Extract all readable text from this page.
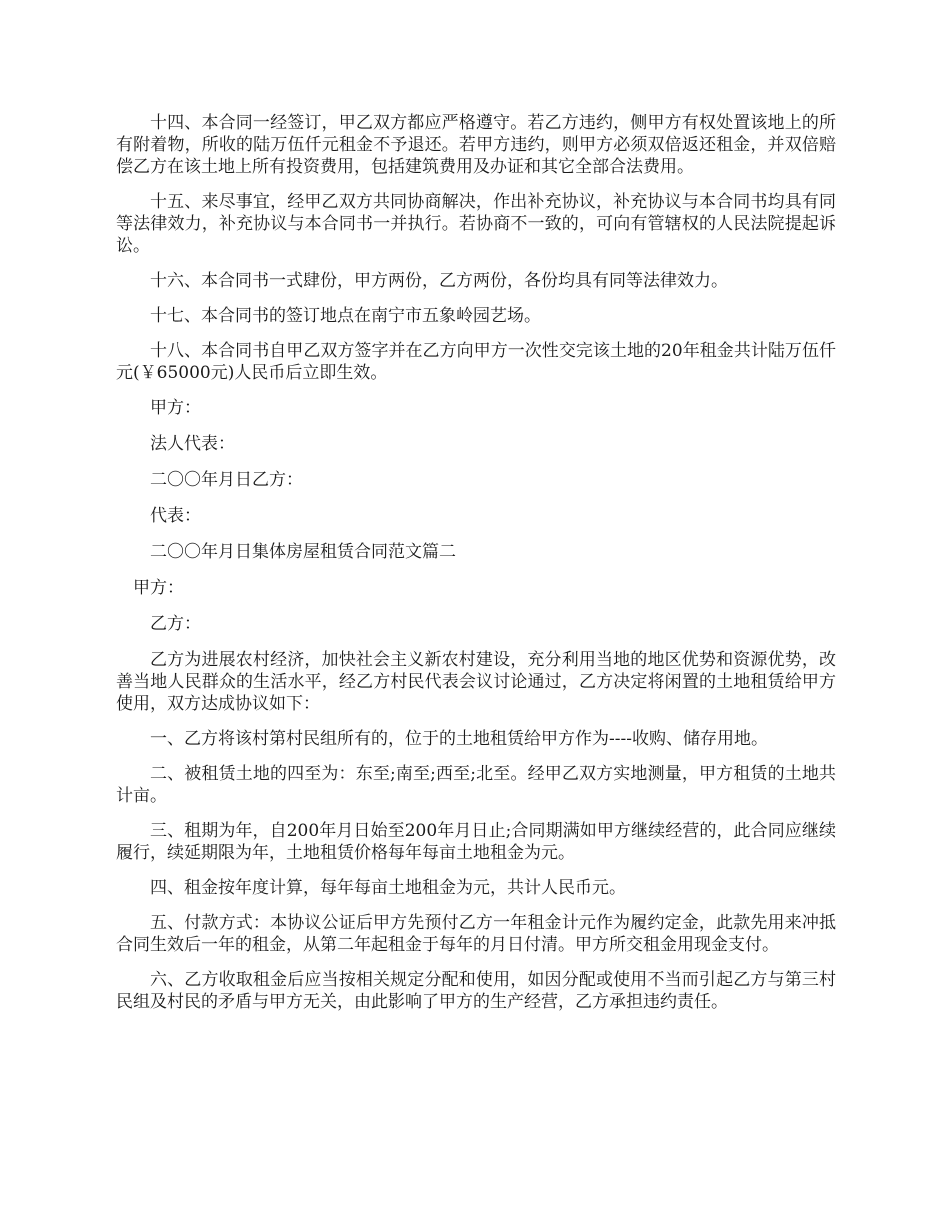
十四、本合同一经签订，甲乙双方都应严格遵守。若乙方违约，侧甲方有权处置该地上的所有附着物，所收的陆万伍仟元租金不予退还。若甲方违约，则甲方必须双倍返还租金，并双倍赔偿乙方在该土地上所有投资费用，包括建筑费用及办证和其它全部合法费用。

十五、来尽事宜，经甲乙双方共同协商解决，作出补充协议，补充协议与本合同书均具有同等法律效力，补充协议与本合同书一并执行。若协商不一致的，可向有管辖权的人民法院提起诉讼。

十六、本合同书一式肆份，甲方两份，乙方两份，各份均具有同等法律效力。

十七、本合同书的签订地点在南宁市五象岭园艺场。

十八、本合同书自甲乙双方签字并在乙方向甲方一次性交完该土地的20年租金共计陆万伍仟元(￥65000元)人民币后立即生效。

甲方：

法人代表：

二〇〇年月日乙方：

代表：

二〇〇年月日集体房屋租赁合同范文篇二

甲方：

乙方：

乙方为进展农村经济，加快社会主义新农村建设，充分利用当地的地区优势和资源优势，改善当地人民群众的生活水平，经乙方村民代表会议讨论通过，乙方决定将闲置的土地租赁给甲方使用，双方达成协议如下：

一、乙方将该村第村民组所有的，位于的土地租赁给甲方作为----收购、储存用地。

二、被租赁土地的四至为：东至;南至;西至;北至。经甲乙双方实地测量，甲方租赁的土地共计亩。

三、租期为年，自200年月日始至200年月日止;合同期满如甲方继续经营的，此合同应继续履行，续延期限为年，土地租赁价格每年每亩土地租金为元。

四、租金按年度计算，每年每亩土地租金为元，共计人民币元。

五、付款方式：本协议公证后甲方先预付乙方一年租金计元作为履约定金，此款先用来冲抵合同生效后一年的租金，从第二年起租金于每年的月日付清。甲方所交租金用现金支付。

六、乙方收取租金后应当按相关规定分配和使用，如因分配或使用不当而引起乙方与第三村民组及村民的矛盾与甲方无关，由此影响了甲方的生产经营，乙方承担违约责任。
